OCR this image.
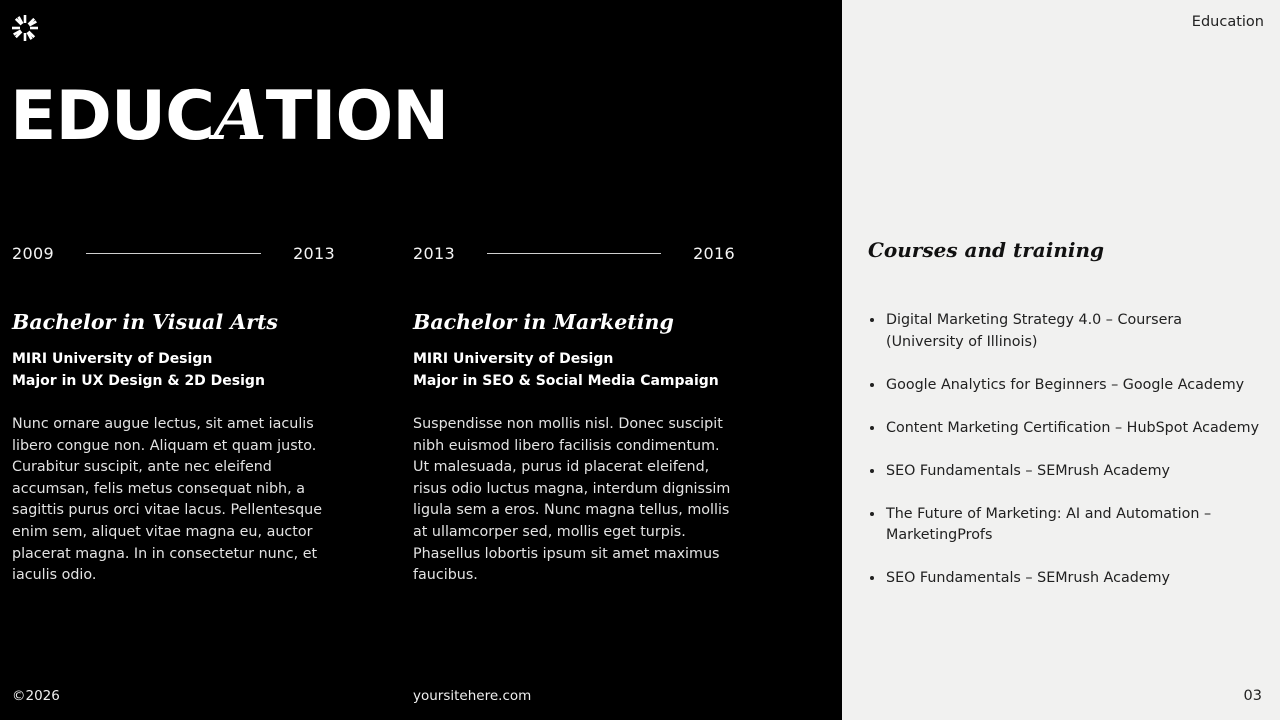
EDUCATION
2009	2013
Bachelor in Visual Arts
MIRI University of Design
Major in UX Design & 2D Design
Nunc ornare augue lectus, sit amet iaculis libero congue non. Aliquam et quam justo. Curabitur suscipit, ante nec eleifend accumsan, felis metus consequat nibh, a sagittis purus orci vitae lacus. Pellentesque enim sem, aliquet vitae magna eu, auctor placerat magna. In in consectetur nunc, et iaculis odio.
2013	2016
Bachelor in Marketing
MIRI University of Design
Major in SEO & Social Media Campaign
Suspendisse non mollis nisl. Donec suscipit nibh euismod libero facilisis condimentum. Ut malesuada, purus id placerat eleifend, risus odio luctus magna, interdum dignissim ligula sem a eros. Nunc magna tellus, mollis at ullamcorper sed, mollis eget turpis. Phasellus lobortis ipsum sit amet maximus faucibus.
©2026	yoursitehere.com
Education
Courses and training
• Digital Marketing Strategy 4.0 – Coursera (University of Illinois)
• Google Analytics for Beginners – Google Academy
• Content Marketing Certification – HubSpot Academy
• SEO Fundamentals – SEMrush Academy
• The Future of Marketing: AI and Automation – MarketingProfs
• SEO Fundamentals – SEMrush Academy
03
